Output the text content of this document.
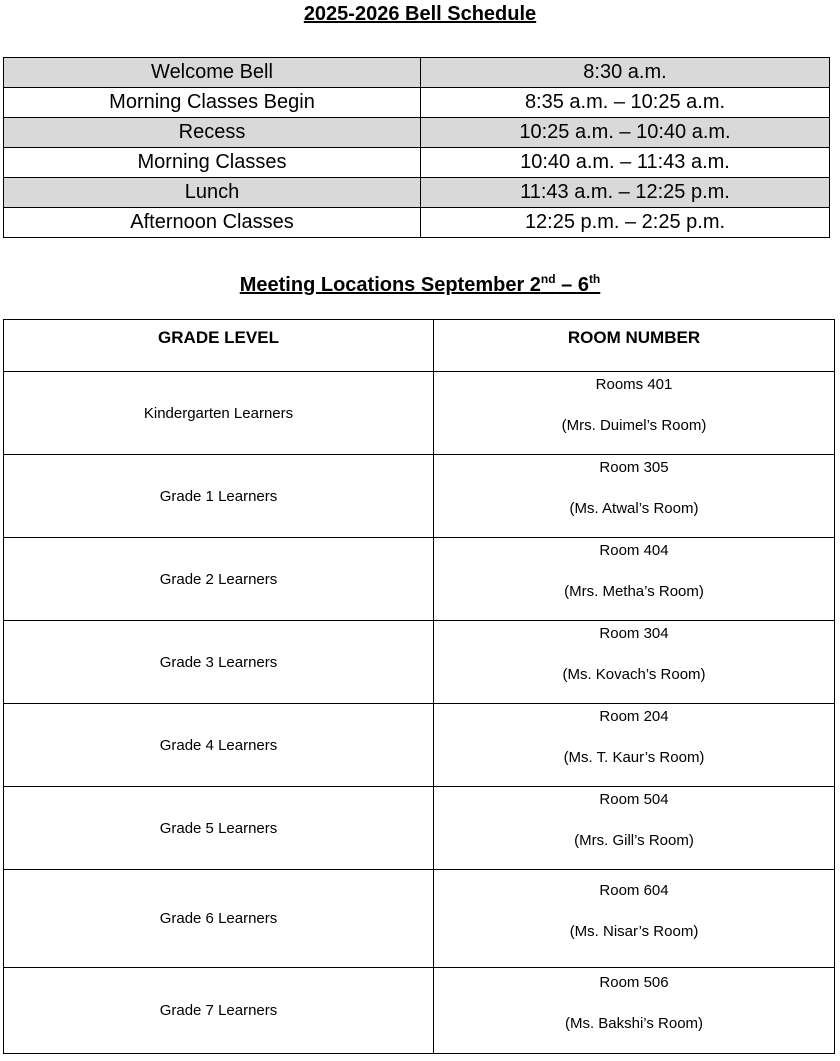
2025-2026 Bell Schedule
Welcome Bell	8:30 a.m.
Morning Classes Begin	8:35 a.m. – 10:25 a.m.
Recess	10:25 a.m. – 10:40 a.m.
Morning Classes	10:40 a.m. – 11:43 a.m.
Lunch	11:43 a.m. – 12:25 p.m.
Afternoon Classes	12:25 p.m. – 2:25 p.m.
Meeting Locations September 2nd – 6th
GRADE LEVEL	ROOM NUMBER
Kindergarten Learners	Rooms 401
(Mrs. Duimel’s Room)

Grade 1 Learners	Room 305
(Ms. Atwal’s Room)

Grade 2 Learners	Room 404
(Mrs. Metha’s Room)

Grade 3 Learners	Room 304
(Ms. Kovach’s Room)

Grade 4 Learners	Room 204
(Ms. T. Kaur’s Room)

Grade 5 Learners	Room 504
(Mrs. Gill’s Room)

Grade 6 Learners	Room 604
(Ms. Nisar’s Room)

Grade 7 Learners	Room 506
(Ms. Bakshi’s Room)
